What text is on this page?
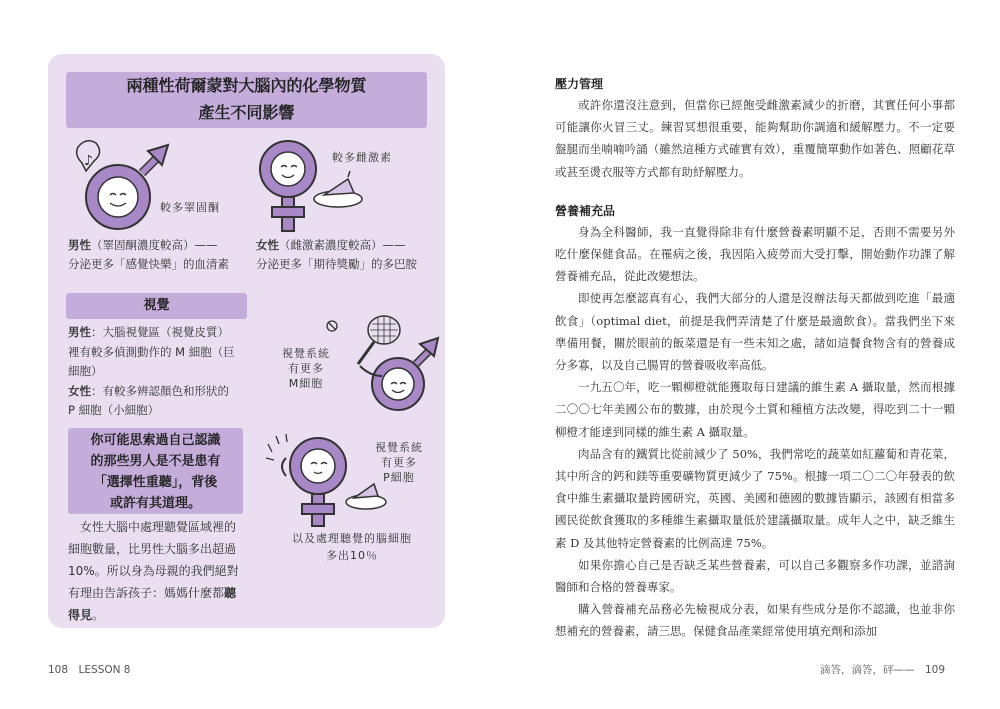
兩種性荷爾蒙對大腦內的化學物質
產生不同影響
♪
較多睪固酮
較多雌激素
男性（睪固酮濃度較高）——
分泌更多「感覺快樂」的血清素
女性（雌激素濃度較高）——
分泌更多「期待獎勵」的多巴胺
視覺
男性：大腦視覺區（視覺皮質）
裡有較多偵測動作的 M 細胞（巨
細胞）
女性：有較多辨認顏色和形狀的
P 細胞（小細胞）
視覺系統
有更多
M細胞
你可能思索過自己認識
的那些男人是不是患有
「選擇性重聽」，背後
或許有其道理。
視覺系統
有更多
P細胞
以及處理聽覺的腦細胞
多出10％
女性大腦中處理聽覺區域裡的
細胞數量，比男性大腦多出超過
10%。所以身為母親的我們絕對
有理由告訴孩子：媽媽什麼都聽
得見。
108　LESSON 8

壓力管理

或許你還沒注意到，但當你已經飽受雌激素減少的折磨，其實任何小事都可能讓你火冒三丈。練習冥想很重要，能夠幫助你調適和緩解壓力。不一定要盤腿而坐喃喃吟誦（雖然這種方式確實有效），重覆簡單動作如著色、照顧花草或甚至燙衣服等方式都有助紓解壓力。

營養補充品

身為全科醫師，我一直覺得除非有什麼營養素明顯不足，否則不需要另外吃什麼保健食品。在罹病之後，我因陷入疲勞而大受打擊，開始動作功課了解營養補充品，從此改變想法。

即使再怎麼認真有心，我們大部分的人還是沒辦法每天都做到吃進「最適飲食」（optimal diet，前提是我們弄清楚了什麼是最適飲食）。當我們坐下來準備用餐，關於眼前的飯菜還是有一些未知之處，諸如這餐食物含有的營養成分多寡，以及自己腸胃的營養吸收率高低。

一九五〇年，吃一顆柳橙就能獲取每日建議的維生素 A 攝取量，然而根據二〇〇七年美國公布的數據，由於現今土質和種植方法改變，得吃到二十一顆柳橙才能達到同樣的維生素 A 攝取量。

肉品含有的鐵質比從前減少了 50%，我們常吃的蔬菜如紅蘿蔔和青花菜，其中所含的鈣和鎂等重要礦物質更減少了 75%。根據一項二〇二〇年發表的飲食中維生素攝取量跨國研究，英國、美國和德國的數據皆顯示，該國有相當多國民從飲食獲取的多種維生素攝取量低於建議攝取量。成年人之中，缺乏維生素 D 及其他特定營養素的比例高達 75%。

如果你擔心自己是否缺乏某些營養素，可以自己多觀察多作功課，並諮詢醫師和合格的營養專家。

購入營養補充品務必先檢視成分表，如果有些成分是你不認識，也並非你想補充的營養素，請三思。保健食品產業經常使用填充劑和添加

滴答，滴答，砰——　109
